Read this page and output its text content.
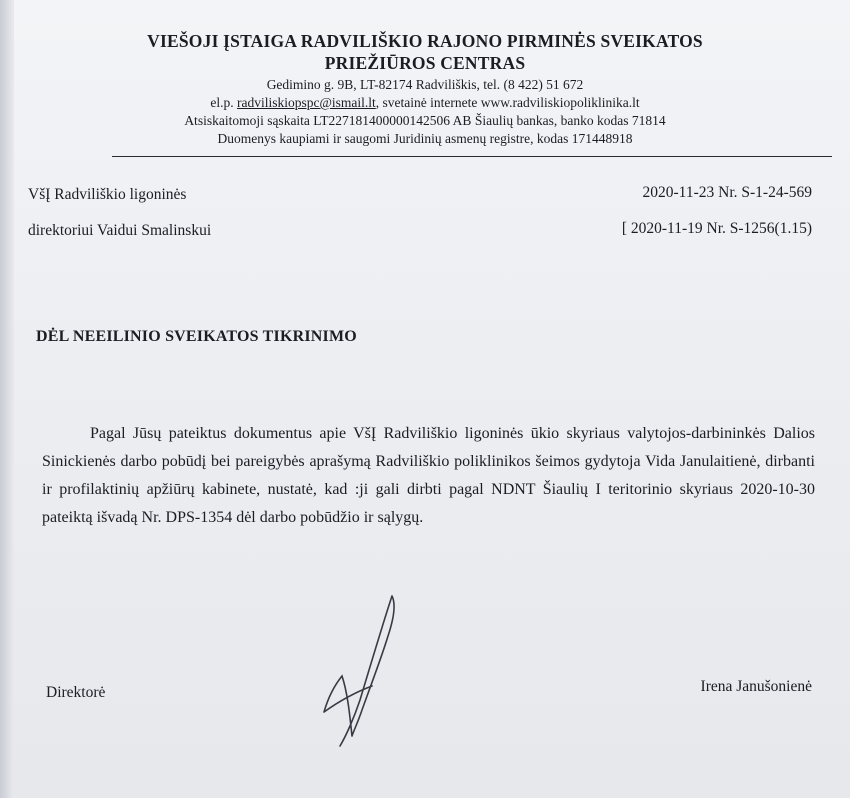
VIEŠOJI ĮSTAIGA RADVILIŠKIO RAJONO PIRMINĖS SVEIKATOS
PRIEŽIŪROS CENTRAS
Gedimino g. 9B, LT-82174 Radviliškis, tel. (8 422) 51 672
el.p. radviliskiopspc@ismail.lt, svetainė internete www.radviliskiopoliklinika.lt
Atsiskaitomoji sąskaita LT227181400000142506 AB Šiaulių bankas, banko kodas 71814
Duomenys kaupiami ir saugomi Juridinių asmenų registre, kodas 171448918
VšĮ Radviliškio ligoninės
direktoriui Vaidui Smalinskui
2020-11-23 Nr. S-1-24-569
[ 2020-11-19 Nr. S-1256(1.15)
DĖL NEEILINIO SVEIKATOS TIKRINIMO

Pagal Jūsų pateiktus dokumentus apie VšĮ Radviliškio ligoninės ūkio skyriaus valytojos-darbininkės Dalios Sinickienės darbo pobūdį bei pareigybės aprašymą Radviliškio poliklinikos šeimos gydytoja Vida Janulaitienė, dirbanti ir profilaktinių apžiūrų kabinete, nustatė, kad :ji gali dirbti pagal NDNT Šiaulių I teritorinio skyriaus 2020-10-30 pateiktą išvadą Nr. DPS-1354 dėl darbo pobūdžio ir sąlygų.

Direktorė	Irena Janušonienė
